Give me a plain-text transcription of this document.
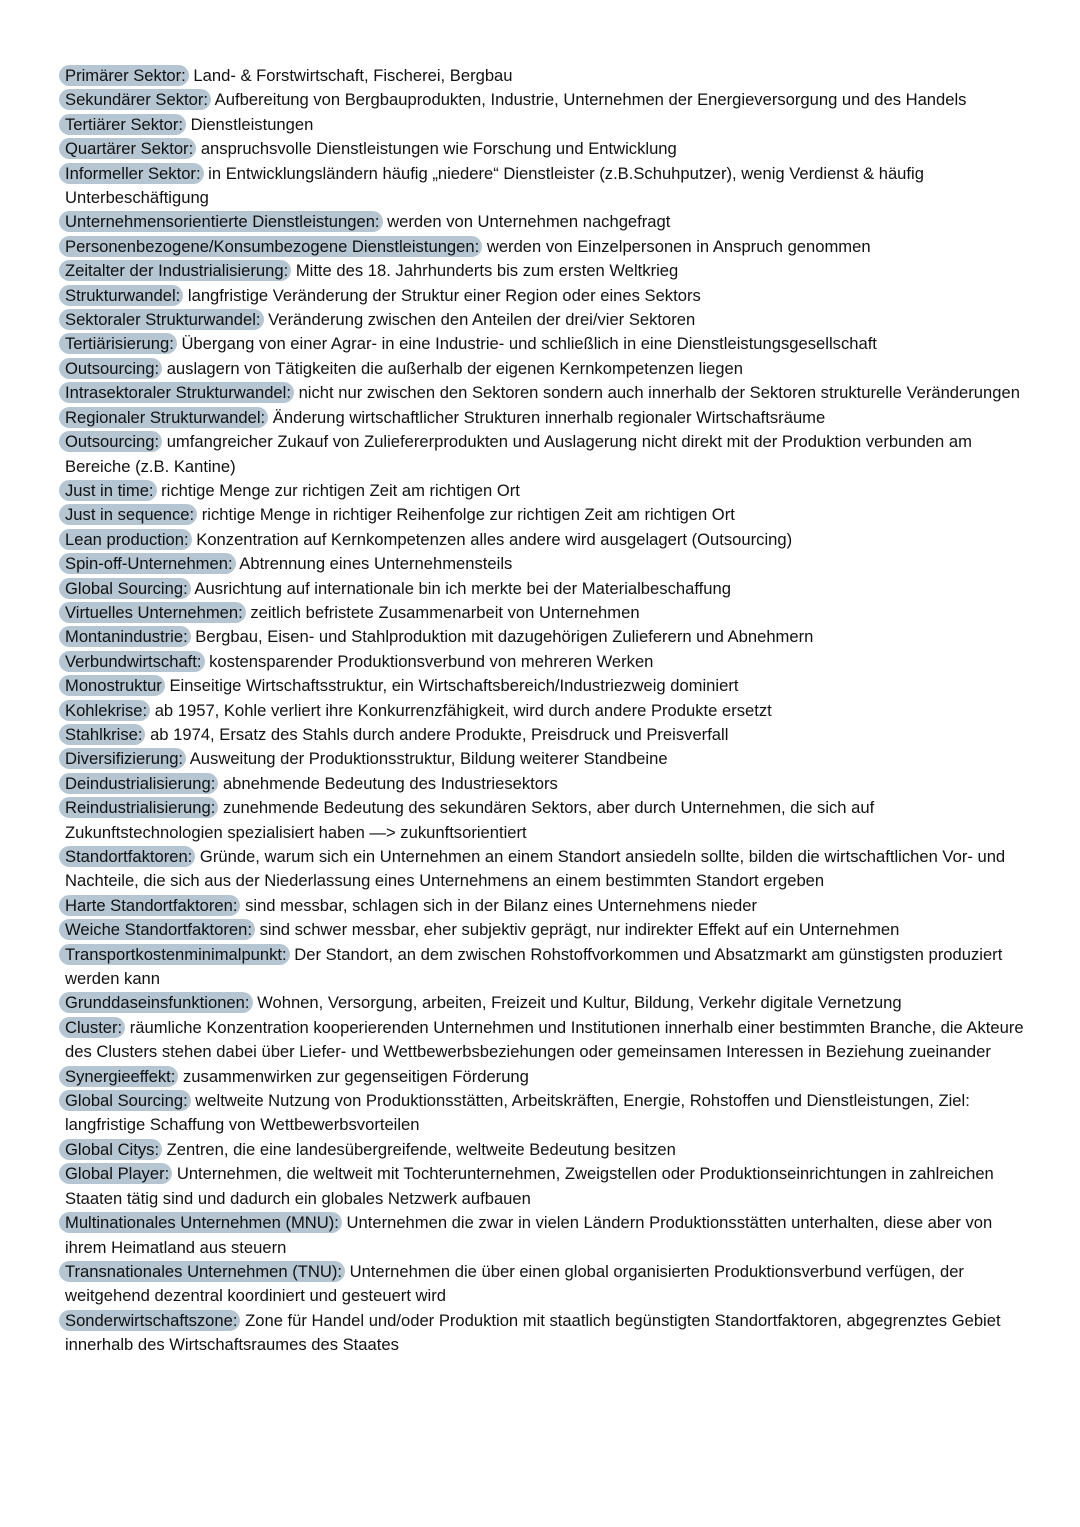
Primärer Sektor: Land- & Forstwirtschaft, Fischerei, Bergbau

Sekundärer Sektor: Aufbereitung von Bergbauprodukten, Industrie, Unternehmen der Energieversorgung und des Handels

Tertiärer Sektor: Dienstleistungen

Quartärer Sektor: anspruchsvolle Dienstleistungen wie Forschung und Entwicklung

Informeller Sektor: in Entwicklungsländern häufig „niedere“ Dienstleister (z.B.Schuhputzer), wenig Verdienst & häufig Unterbeschäftigung

Unternehmensorientierte Dienstleistungen: werden von Unternehmen nachgefragt

Personenbezogene/Konsumbezogene Dienstleistungen: werden von Einzelpersonen in Anspruch genommen

Zeitalter der Industrialisierung: Mitte des 18. Jahrhunderts bis zum ersten Weltkrieg

Strukturwandel: langfristige Veränderung der Struktur einer Region oder eines Sektors

Sektoraler Strukturwandel: Veränderung zwischen den Anteilen der drei/vier Sektoren

Tertiärisierung: Übergang von einer Agrar- in eine Industrie- und schließlich in eine Dienstleistungsgesellschaft

Outsourcing: auslagern von Tätigkeiten die außerhalb der eigenen Kernkompetenzen liegen

Intrasektoraler Strukturwandel: nicht nur zwischen den Sektoren sondern auch innerhalb der Sektoren strukturelle Veränderungen

Regionaler Strukturwandel: Änderung wirtschaftlicher Strukturen innerhalb regionaler Wirtschaftsräume

Outsourcing: umfangreicher Zukauf von Zuliefererprodukten und Auslagerung nicht direkt mit der Produktion verbunden am Bereiche (z.B. Kantine)

Just in time: richtige Menge zur richtigen Zeit am richtigen Ort

Just in sequence: richtige Menge in richtiger Reihenfolge zur richtigen Zeit am richtigen Ort

Lean production: Konzentration auf Kernkompetenzen alles andere wird ausgelagert (Outsourcing)

Spin-off-Unternehmen: Abtrennung eines Unternehmensteils

Global Sourcing: Ausrichtung auf internationale bin ich merkte bei der Materialbeschaffung

Virtuelles Unternehmen: zeitlich befristete Zusammenarbeit von Unternehmen

Montanindustrie: Bergbau, Eisen- und Stahlproduktion mit dazugehörigen Zulieferern und Abnehmern

Verbundwirtschaft: kostensparender Produktionsverbund von mehreren Werken

Monostruktur Einseitige Wirtschaftsstruktur, ein Wirtschaftsbereich/Industriezweig dominiert

Kohlekrise: ab 1957, Kohle verliert ihre Konkurrenzfähigkeit, wird durch andere Produkte ersetzt

Stahlkrise: ab 1974, Ersatz des Stahls durch andere Produkte, Preisdruck und Preisverfall

Diversifizierung: Ausweitung der Produktionsstruktur, Bildung weiterer Standbeine

Deindustrialisierung: abnehmende Bedeutung des Industriesektors

Reindustrialisierung: zunehmende Bedeutung des sekundären Sektors, aber durch Unternehmen, die sich auf Zukunftstechnologien spezialisiert haben —> zukunftsorientiert

Standortfaktoren: Gründe, warum sich ein Unternehmen an einem Standort ansiedeln sollte, bilden die wirtschaftlichen Vor- und Nachteile, die sich aus der Niederlassung eines Unternehmens an einem bestimmten Standort ergeben

Harte Standortfaktoren: sind messbar, schlagen sich in der Bilanz eines Unternehmens nieder

Weiche Standortfaktoren: sind schwer messbar, eher subjektiv geprägt, nur indirekter Effekt auf ein Unternehmen

Transportkostenminimalpunkt: Der Standort, an dem zwischen Rohstoffvorkommen und Absatzmarkt am günstigsten produziert werden kann

Grunddaseinsfunktionen: Wohnen, Versorgung, arbeiten, Freizeit und Kultur, Bildung, Verkehr digitale Vernetzung

Cluster: räumliche Konzentration kooperierenden Unternehmen und Institutionen innerhalb einer bestimmten Branche, die Akteure des Clusters stehen dabei über Liefer- und Wettbewerbsbeziehungen oder gemeinsamen Interessen in Beziehung zueinander

Synergieeffekt: zusammenwirken zur gegenseitigen Förderung

Global Sourcing: weltweite Nutzung von Produktionsstätten, Arbeitskräften, Energie, Rohstoffen und Dienstleistungen, Ziel: langfristige Schaffung von Wettbewerbsvorteilen

Global Citys: Zentren, die eine landesübergreifende, weltweite Bedeutung besitzen

Global Player: Unternehmen, die weltweit mit Tochterunternehmen, Zweigstellen oder Produktionseinrichtungen in zahlreichen Staaten tätig sind und dadurch ein globales Netzwerk aufbauen

Multinationales Unternehmen (MNU): Unternehmen die zwar in vielen Ländern Produktionsstätten unterhalten, diese aber von ihrem Heimatland aus steuern

Transnationales Unternehmen (TNU): Unternehmen die über einen global organisierten Produktionsverbund verfügen, der weitgehend dezentral koordiniert und gesteuert wird

Sonderwirtschaftszone: Zone für Handel und/oder Produktion mit staatlich begünstigten Standortfaktoren, abgegrenztes Gebiet innerhalb des Wirtschaftsraumes des Staates
